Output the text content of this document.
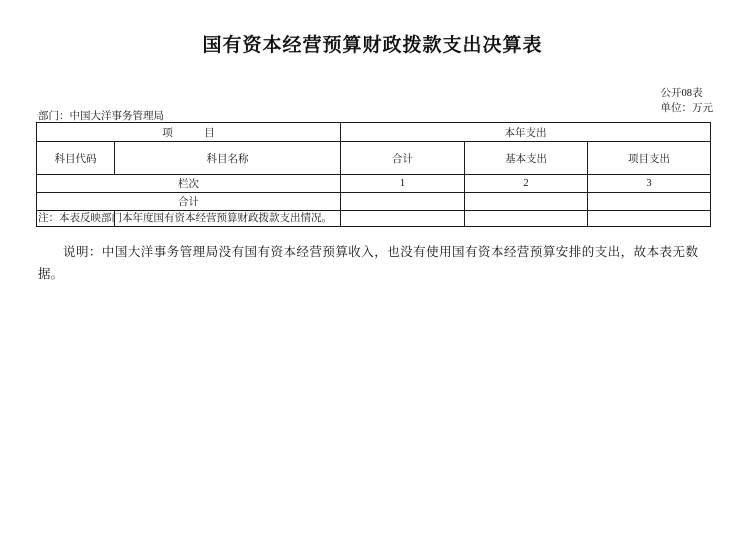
国有资本经营预算财政拨款支出决算表
公开08表
单位：万元
部门：中国大洋事务管理局
项　　　目		本年支出		
科目代码	科目名称	合计	基本支出	项目支出
栏次		1	2	3
合计				

注：本表反映部门本年度国有资本经营预算财政拨款支出情况。
说明：中国大洋事务管理局没有国有资本经营预算收入，也没有使用国有资本经营预算安排的支出，故本表无数据。
